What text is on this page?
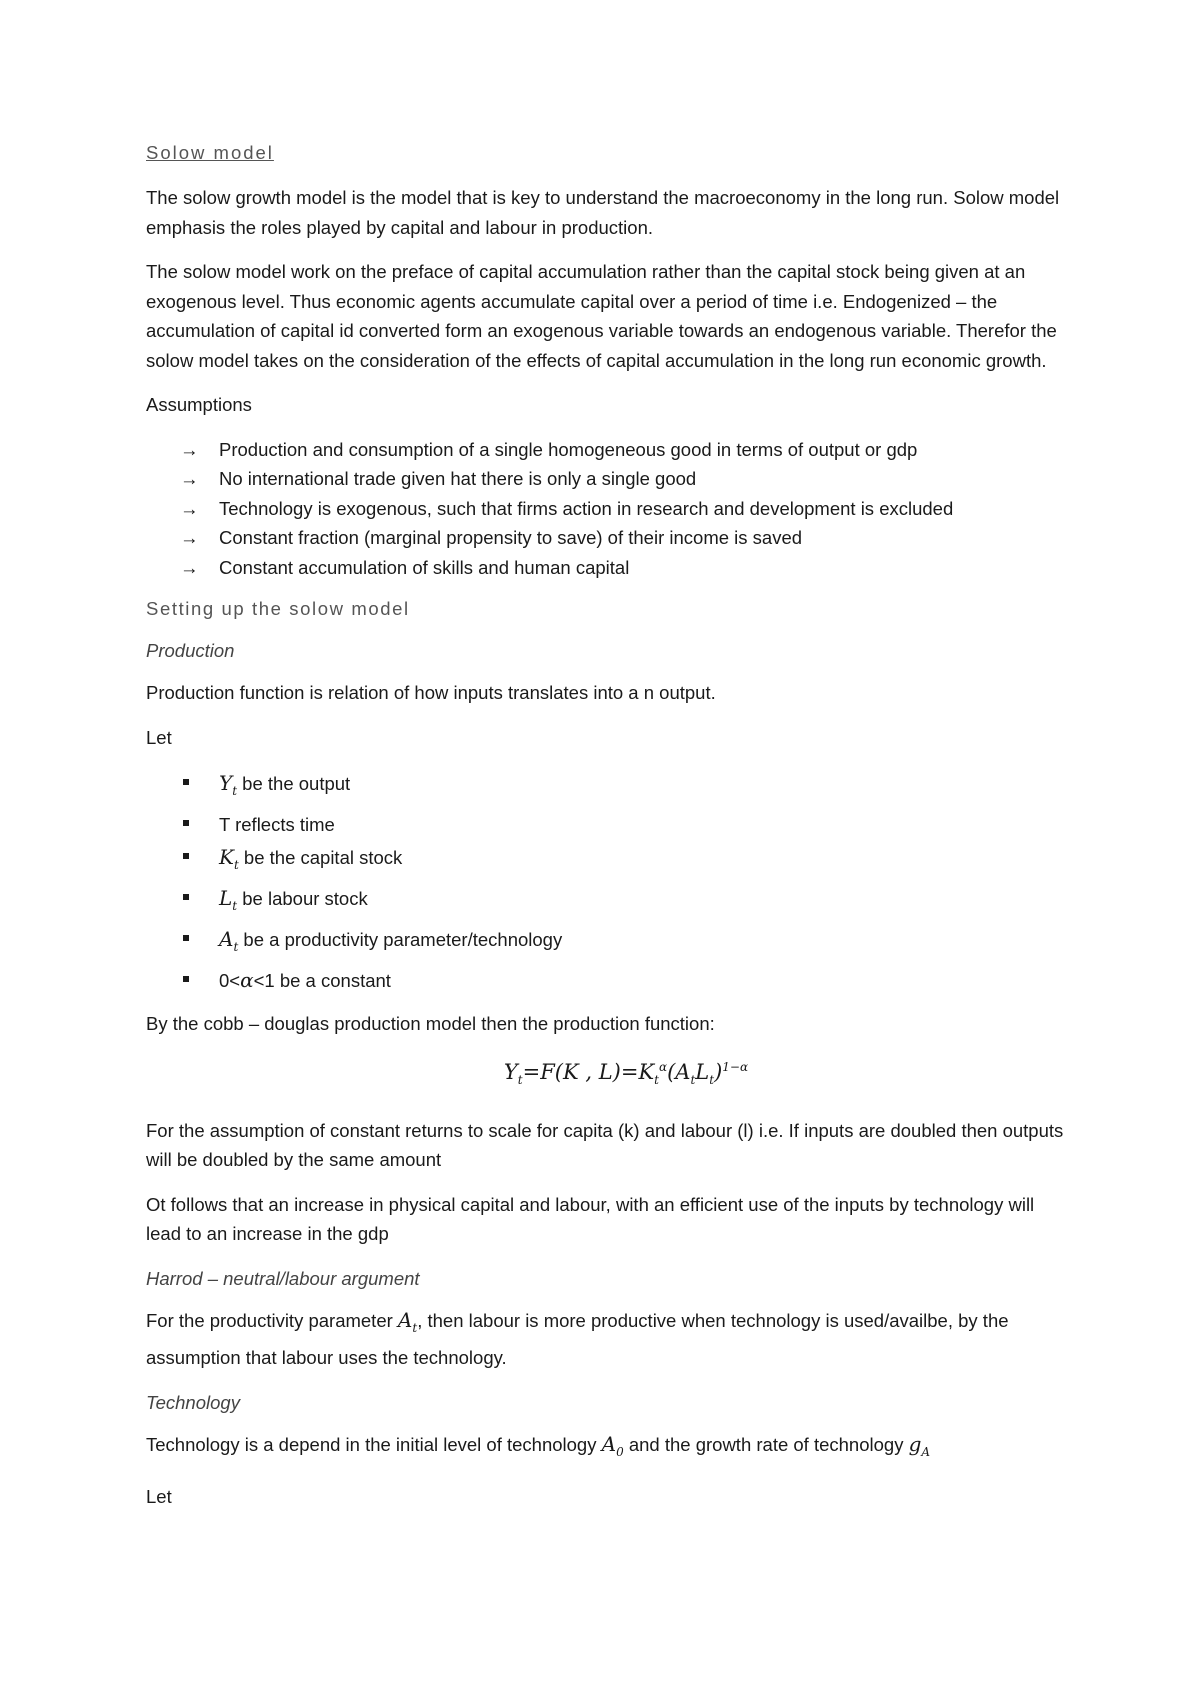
Solow model

The solow growth model is the model that is key to understand the macroeconomy in the long run. Solow model emphasis the roles played by capital and labour in production.

The solow model work on the preface of capital accumulation rather than the capital stock being given at an exogenous level. Thus economic agents accumulate capital over a period of time i.e. Endogenized – the accumulation of capital id converted form an exogenous variable towards an endogenous variable. Therefor the solow model takes on the consideration of the effects of capital accumulation in the long run economic growth.

Assumptions

→ Production and consumption of a single homogeneous good in terms of output or gdp
→ No international trade given hat there is only a single good
→ Technology is exogenous, such that firms action in research and development is excluded
→ Constant fraction (marginal propensity to save) of their income is saved
→ Constant accumulation of skills and human capital
Setting up the solow model
Production

Production function is relation of how inputs translates into a n output.

Let

$Y_t$ be the output
T reflects time
$K_t$ be the capital stock
$L_t$ be labour stock
$A_t$ be a productivity parameter/technology
0<α<1 be a constant

By the cobb – douglas production model then the production function:

$Y_t=F(K$ , $L)=K_t^\alpha(A_tL_t)^{1-\alpha}$

For the assumption of constant returns to scale for capita (k) and labour (l) i.e. If inputs are doubled then outputs will be doubled by the same amount

Ot follows that an increase in physical capital and labour, with an efficient use of the inputs by technology will lead to an increase in the gdp

Harrod – neutral/labour argument

For the productivity parameter $A_t$, then labour is more productive when technology is used/availbe, by the assumption that labour uses the technology.

Technology

Technology is a depend in the initial level of technology $A_0$ and the growth rate of technology $g_A$

Let
